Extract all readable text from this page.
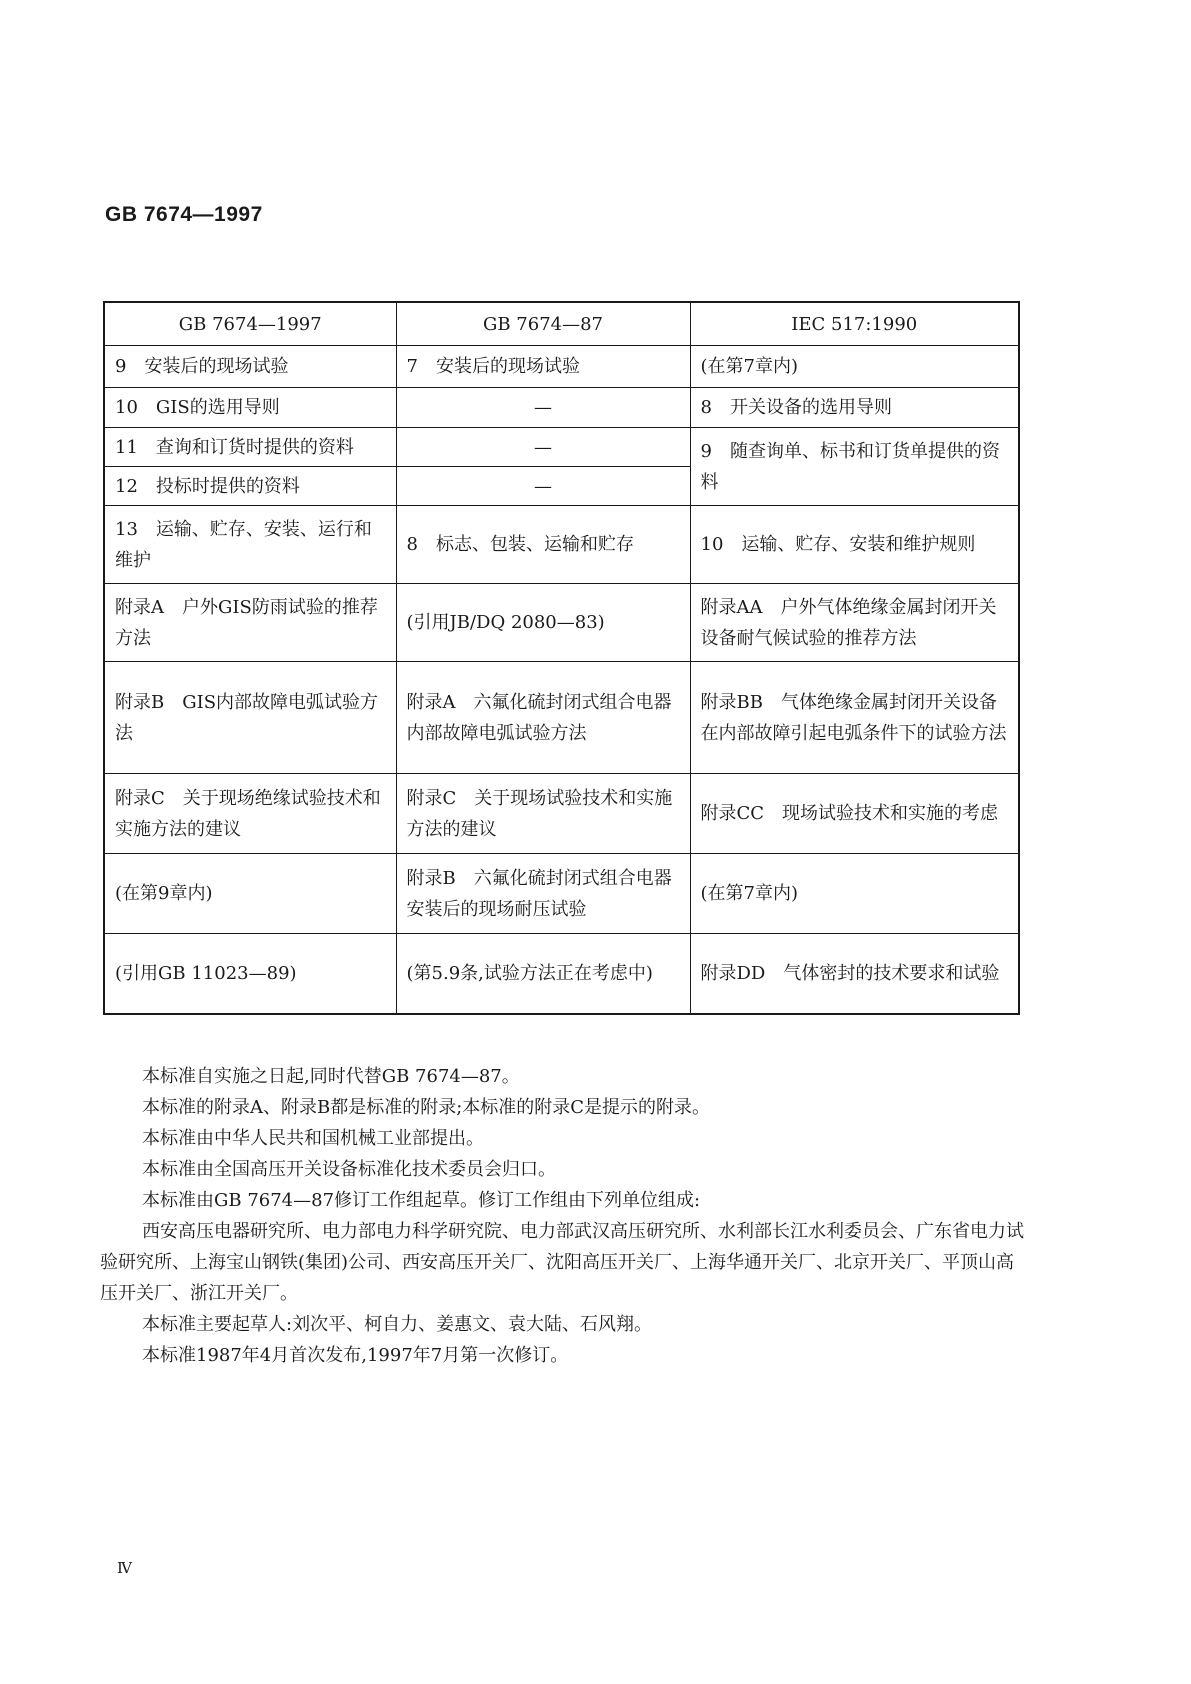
GB 7674—1997
GB 7674—1997	GB 7674—87	IEC 517:1990
9　安装后的现场试验	7　安装后的现场试验	(在第7章内)
10　GIS的选用导则	—	8　开关设备的选用导则
11　查询和订货时提供的资料	—	9　随查询单、标书和订货单提供的资料
12　投标时提供的资料	—	
13　运输、贮存、安装、运行和维护	8　标志、包装、运输和贮存	10　运输、贮存、安装和维护规则
附录A　户外GIS防雨试验的推荐方法	(引用JB/DQ 2080—83)	附录AA　户外气体绝缘金属封闭开关设备耐气候试验的推荐方法
附录B　GIS内部故障电弧试验方法	附录A　六氟化硫封闭式组合电器内部故障电弧试验方法	附录BB　气体绝缘金属封闭开关设备在内部故障引起电弧条件下的试验方法
附录C　关于现场绝缘试验技术和实施方法的建议	附录C　关于现场试验技术和实施方法的建议	附录CC　现场试验技术和实施的考虑
(在第9章内)	附录B　六氟化硫封闭式组合电器安装后的现场耐压试验	(在第7章内)
(引用GB 11023—89)	(第5.9条,试验方法正在考虑中)	附录DD　气体密封的技术要求和试验

本标准自实施之日起,同时代替GB 7674—87。

本标准的附录A、附录B都是标准的附录;本标准的附录C是提示的附录。

本标准由中华人民共和国机械工业部提出。

本标准由全国高压开关设备标准化技术委员会归口。

本标准由GB 7674—87修订工作组起草。修订工作组由下列单位组成:

西安高压电器研究所、电力部电力科学研究院、电力部武汉高压研究所、水利部长江水利委员会、广东省电力试验研究所、上海宝山钢铁(集团)公司、西安高压开关厂、沈阳高压开关厂、上海华通开关厂、北京开关厂、平顶山高压开关厂、浙江开关厂。

本标准主要起草人:刘次平、柯自力、姜惠文、袁大陆、石风翔。

本标准1987年4月首次发布,1997年7月第一次修订。

Ⅳ
